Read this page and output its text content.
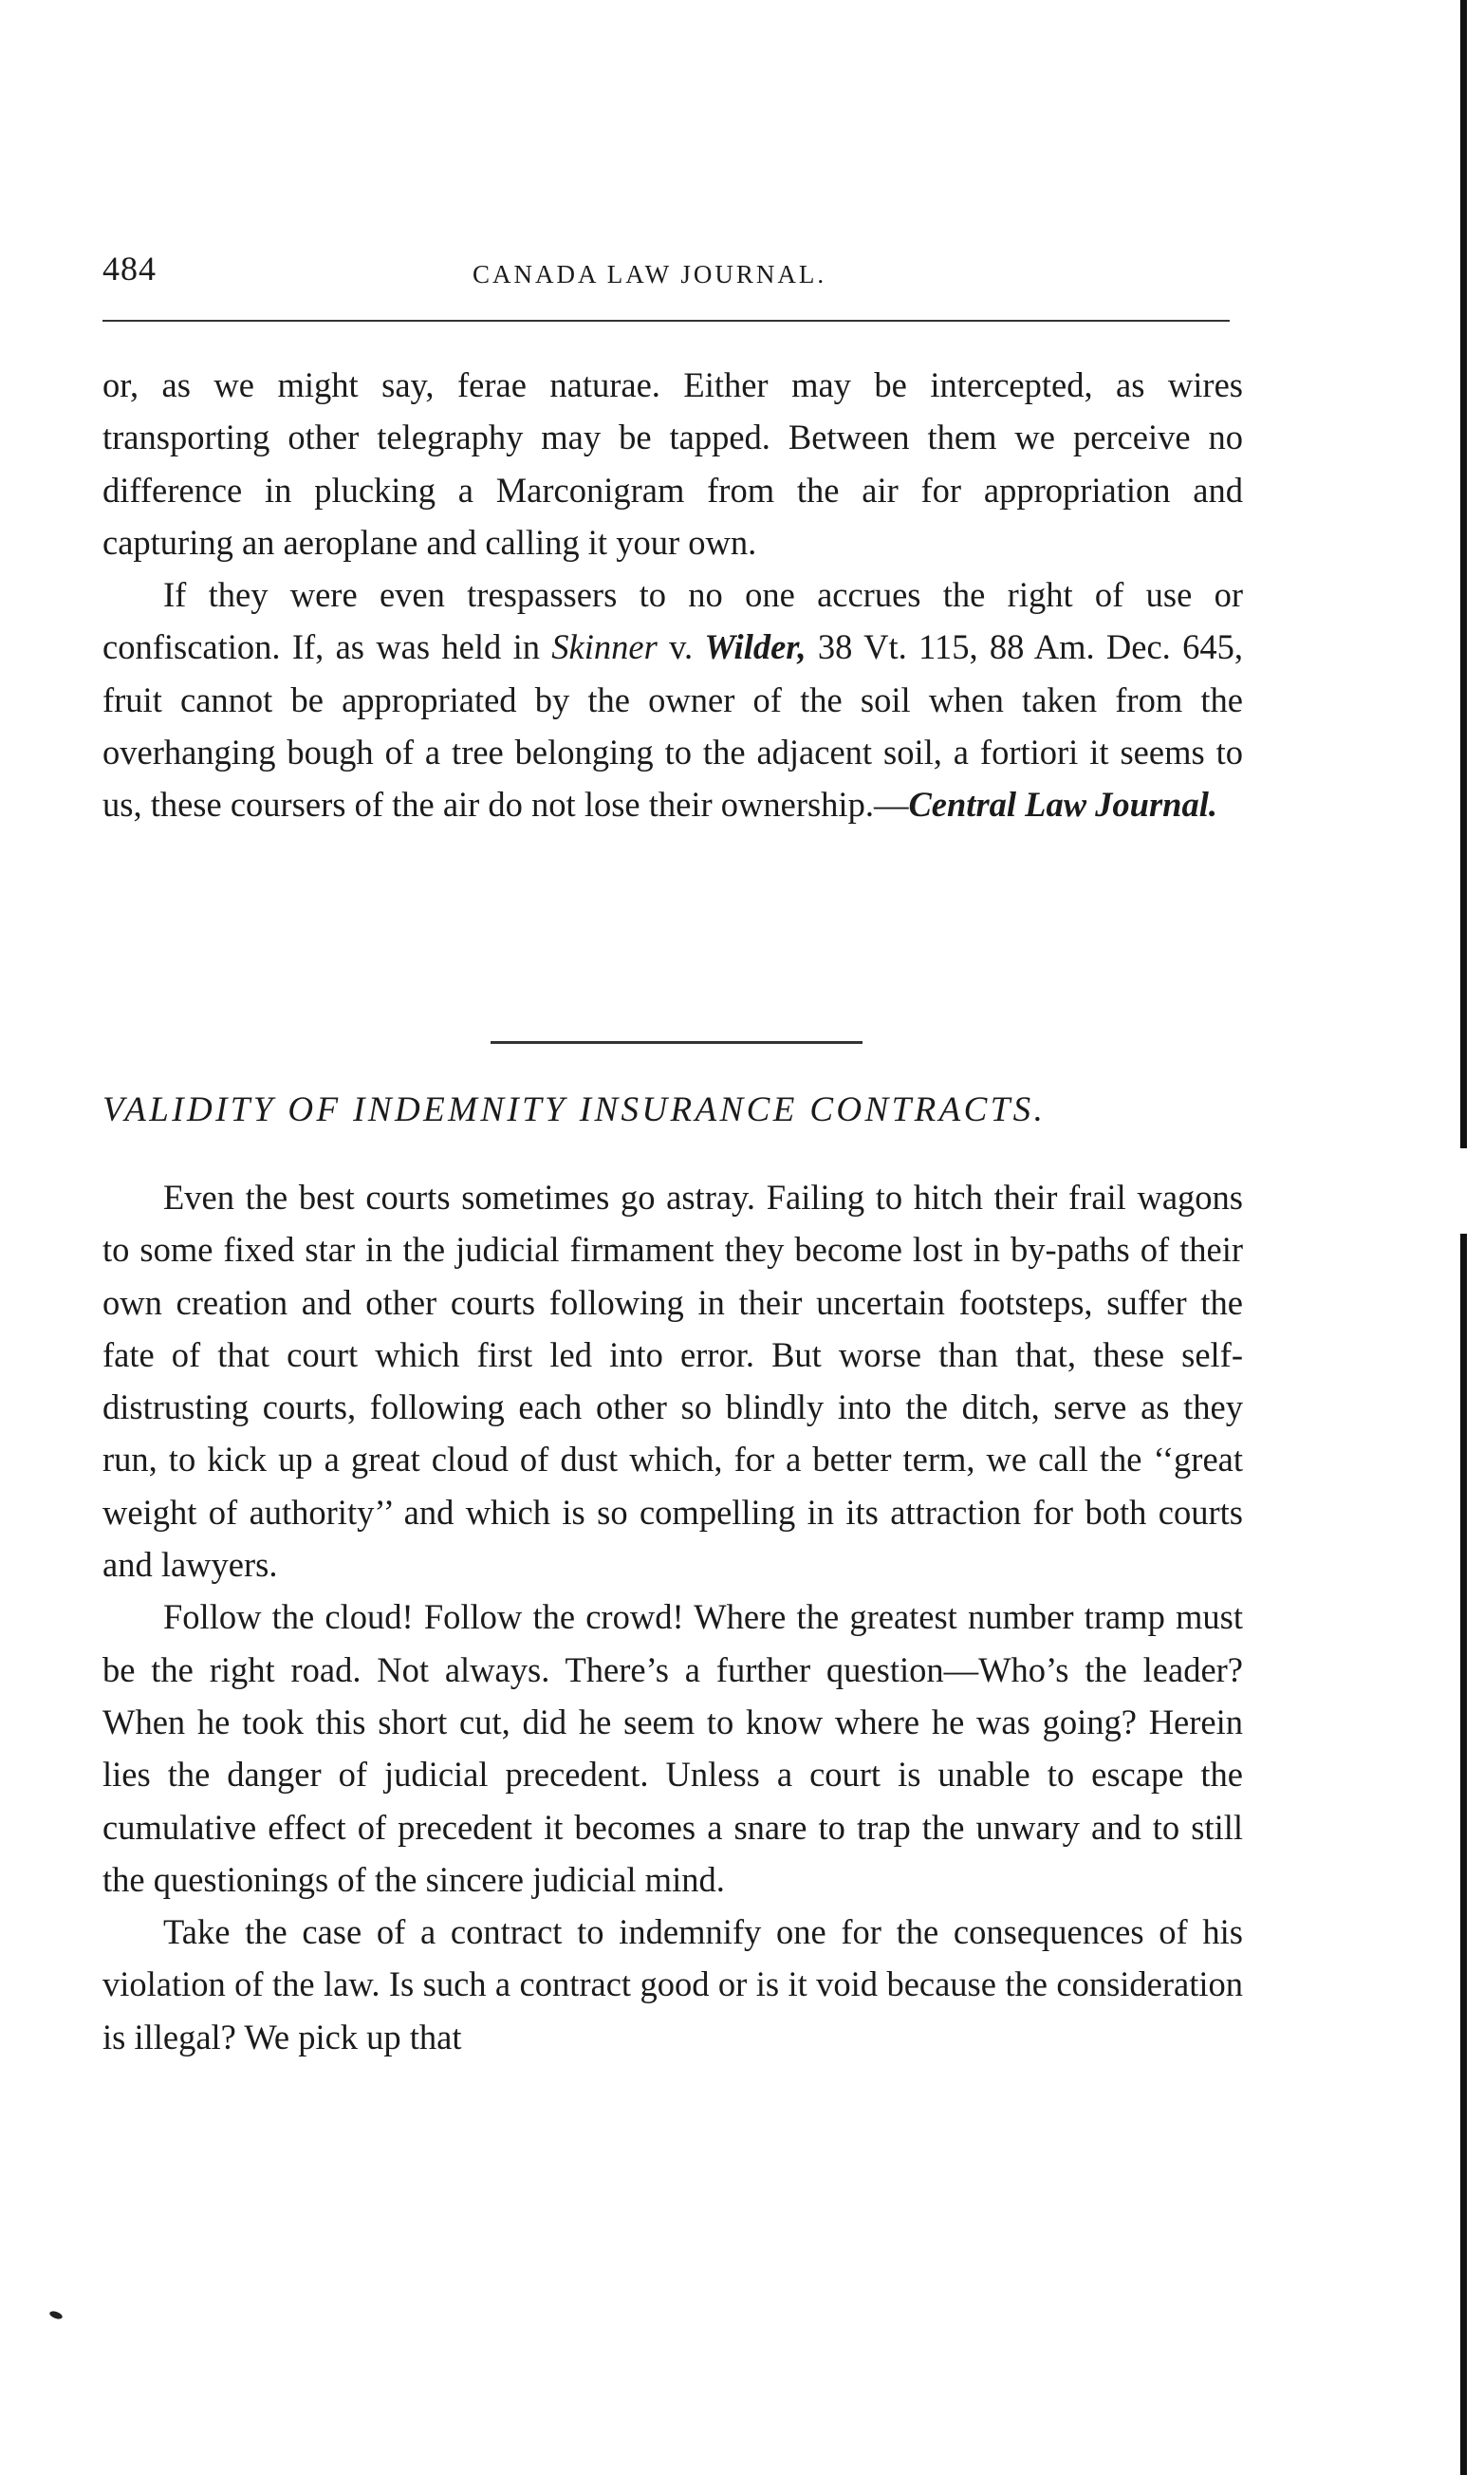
484	CANADA LAW JOURNAL.

or, as we might say, ferae naturae. Either may be intercepted, as wires transporting other telegraphy may be tapped. Between them we perceive no difference in plucking a Marconigram from the air for appropriation and capturing an aeroplane and calling it your own.

If they were even trespassers to no one accrues the right of use or confiscation. If, as was held in Skinner v. Wilder, 38 Vt. 115, 88 Am. Dec. 645, fruit cannot be appropriated by the owner of the soil when taken from the overhanging bough of a tree belonging to the adjacent soil, a fortiori it seems to us, these coursers of the air do not lose their ownership.—Central Law Journal.

VALIDITY OF INDEMNITY INSURANCE CONTRACTS.

Even the best courts sometimes go astray. Failing to hitch their frail wagons to some fixed star in the judicial firmament they become lost in by-paths of their own creation and other courts following in their uncertain footsteps, suffer the fate of that court which first led into error. But worse than that, these self-distrusting courts, following each other so blindly into the ditch, serve as they run, to kick up a great cloud of dust which, for a better term, we call the ‘‘great weight of authority’’ and which is so compelling in its attraction for both courts and lawyers.

Follow the cloud! Follow the crowd! Where the greatest number tramp must be the right road. Not always. There’s a further question—Who’s the leader? When he took this short cut, did he seem to know where he was going? Herein lies the danger of judicial precedent. Unless a court is unable to escape the cumulative effect of precedent it becomes a snare to trap the unwary and to still the questionings of the sincere judicial mind.

Take the case of a contract to indemnify one for the consequences of his violation of the law. Is such a contract good or is it void because the consideration is illegal? We pick up that
